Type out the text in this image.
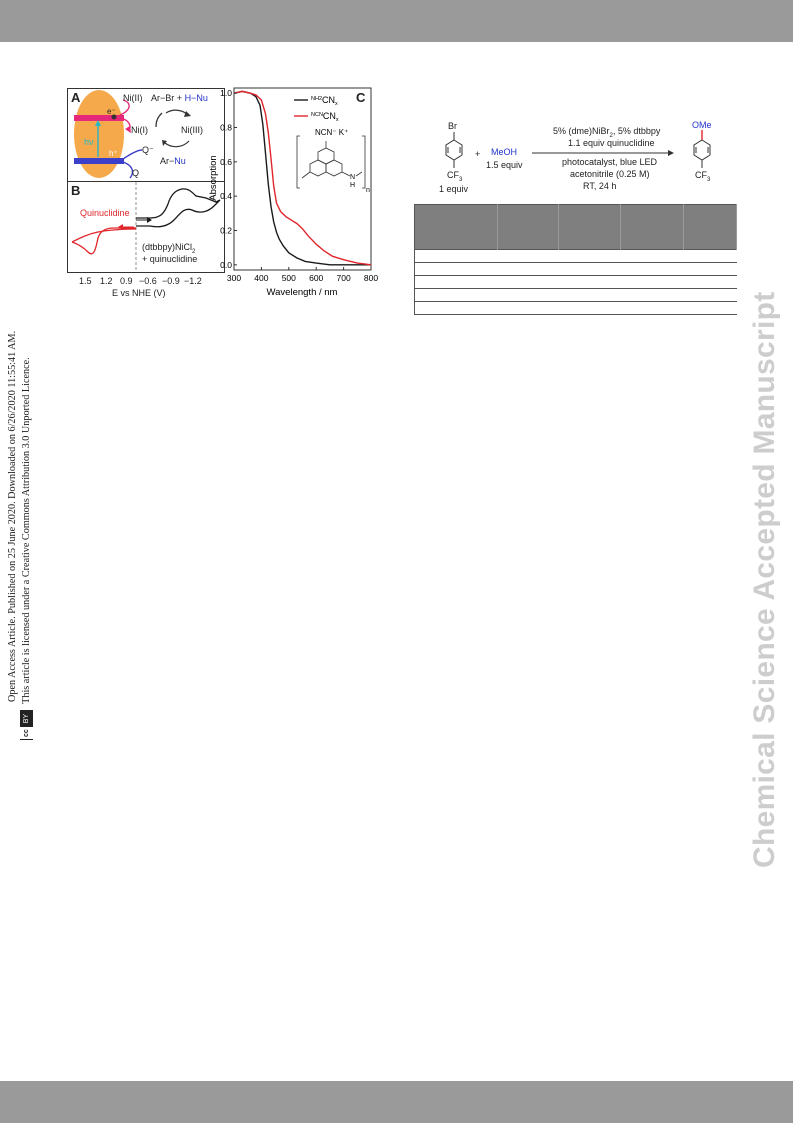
Open Access Article. Published on 25 June 2020. Downloaded on 6/26/2020 11:55:41 AM.
cc
BY
This article is licensed under a Creative Commons Attribution 3.0 Unported Licence.	Chemical Science Accepted Manuscript
A	Ni(II)
Ni(I)	Ni(III)
e⁻
h⁺
hν
Ar−Br + H−Nu
Ar−Nu
Q⁻
Q
B
Quinuclidine
(dtbbpy)NiCl$_2$
+ quinuclidine
1.5 1.2 0.9 −0.6 −0.9 −1.2
E vs NHE (V)
0.0
0.2
0.4
0.6
0.8
1.0
300 400 500 600 700 800
$^{NH2}CN_x$
$^{NCN}CN_x$
NCN⁻ K⁺
N
H
n
Absorption
Wavelength / nm
C
Br
$CF_3$
1 equiv
+ MeOH
1.5 equiv
5% (dme)NiBr$_2$, 5% dtbbpy
1.1 equiv quinuclidine
photocatalyst, blue LED
acetonitrile (0.25 M)
RT, 24 h
OMe
$CF_3$
